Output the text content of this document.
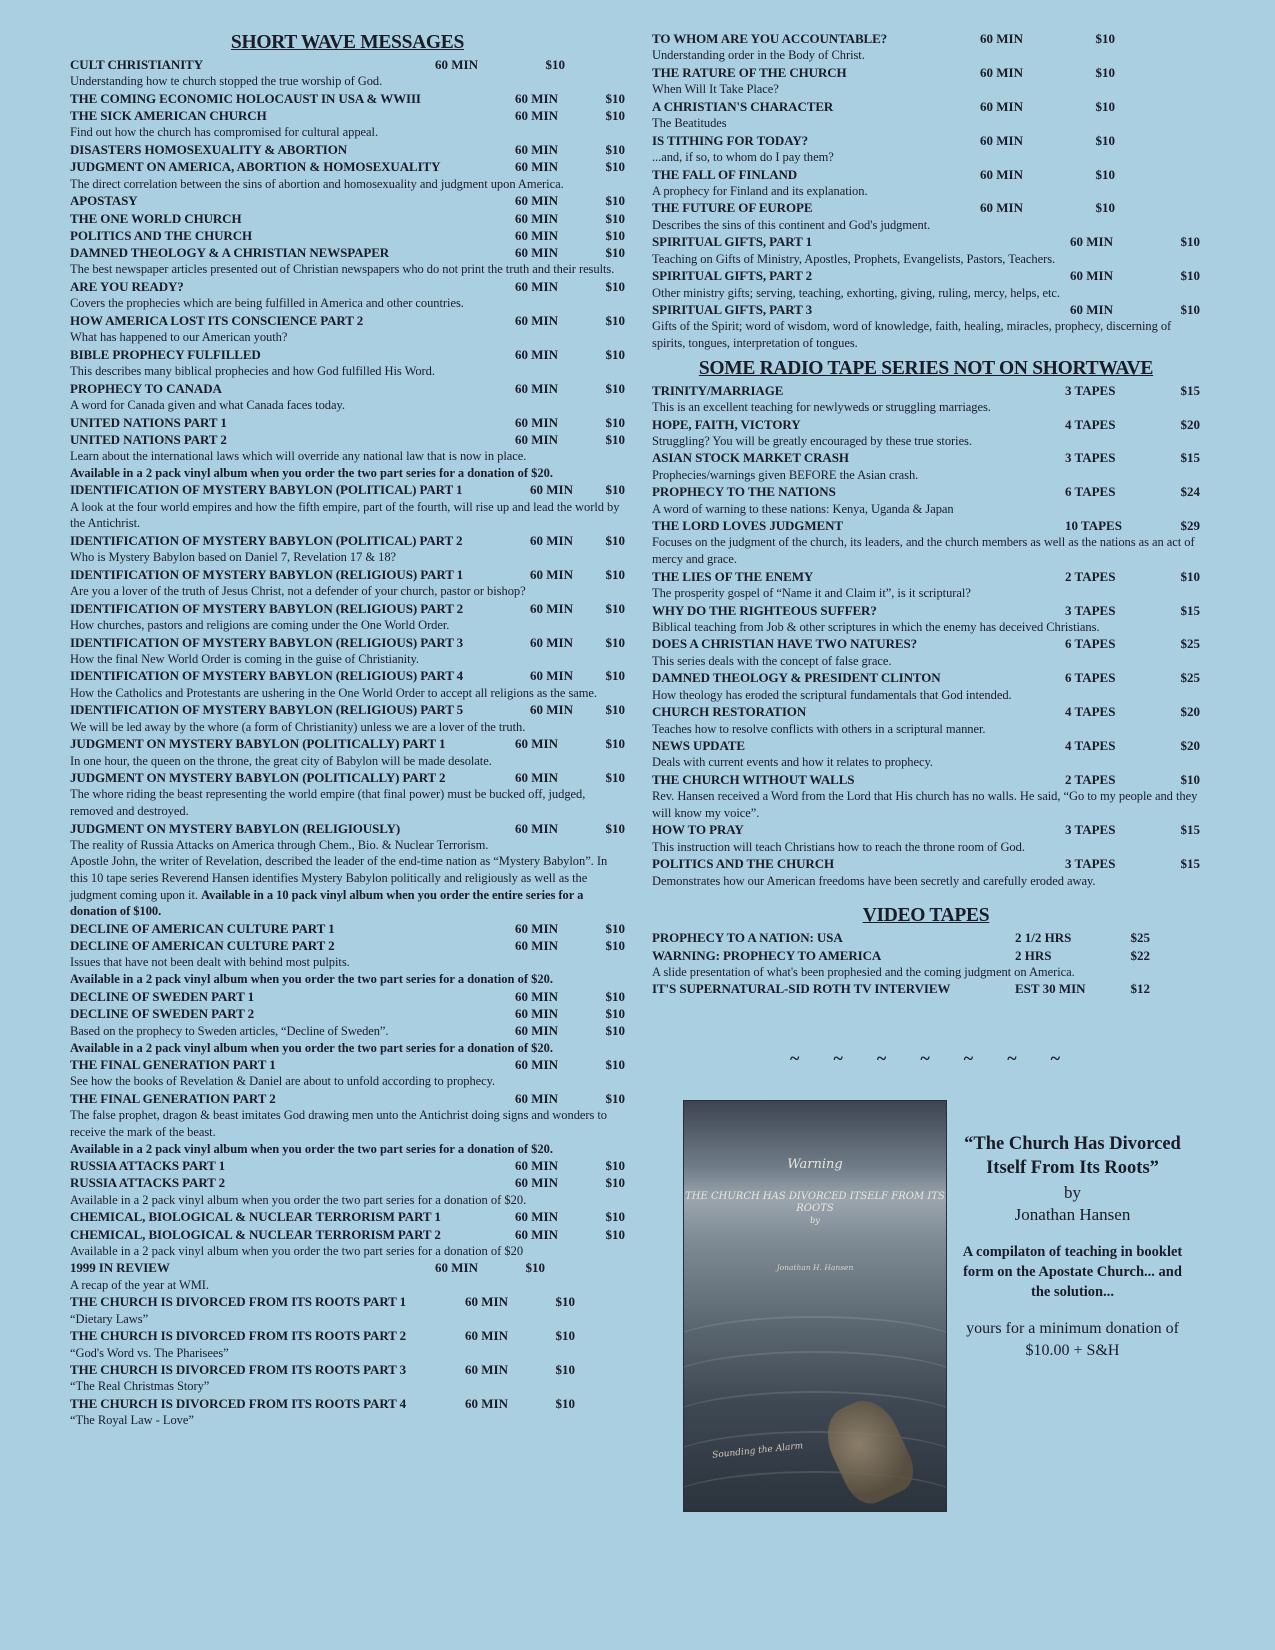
SHORT WAVE MESSAGES
CULT CHRISTIANITY	60 MIN	$10
Understanding how te church stopped the true worship of God.
THE COMING ECONOMIC HOLOCAUST IN USA & WWIII	60 MIN	$10
THE SICK AMERICAN CHURCH	60 MIN	$10
Find out how the church has compromised for cultural appeal.
DISASTERS HOMOSEXUALITY & ABORTION	60 MIN	$10
JUDGMENT ON AMERICA, ABORTION & HOMOSEXUALITY	60 MIN	$10
The direct correlation between the sins of abortion and homosexuality and judgment upon America.
APOSTASY	60 MIN	$10
THE ONE WORLD CHURCH	60 MIN	$10
POLITICS AND THE CHURCH	60 MIN	$10
DAMNED THEOLOGY & A CHRISTIAN NEWSPAPER	60 MIN	$10
The best newspaper articles presented out of Christian newspapers who do not print the truth and their results.
ARE YOU READY?	60 MIN	$10
Covers the prophecies which are being fulfilled in America and other countries.
HOW AMERICA LOST ITS CONSCIENCE PART 2	60 MIN	$10
What has happened to our American youth?
BIBLE PROPHECY FULFILLED	60 MIN	$10
This describes many biblical prophecies and how God fulfilled His Word.
PROPHECY TO CANADA	60 MIN	$10
A word for Canada given and what Canada faces today.
UNITED NATIONS PART 1	60 MIN	$10
UNITED NATIONS PART 2	60 MIN	$10
Learn about the international laws which will override any national law that is now in place.
Available in a 2 pack vinyl album when you order the two part series for a donation of $20.
IDENTIFICATION OF MYSTERY BABYLON (POLITICAL) PART 1	60 MIN	$10
A look at the four world empires and how the fifth empire, part of the fourth, will rise up and lead the world by the Antichrist.
IDENTIFICATION OF MYSTERY BABYLON (POLITICAL) PART 2	60 MIN	$10
Who is Mystery Babylon based on Daniel 7, Revelation 17 & 18?
IDENTIFICATION OF MYSTERY BABYLON (RELIGIOUS) PART 1	60 MIN	$10
Are you a lover of the truth of Jesus Christ, not a defender of your church, pastor or bishop?
IDENTIFICATION OF MYSTERY BABYLON (RELIGIOUS) PART 2	60 MIN	$10
How churches, pastors and religions are coming under the One World Order.
IDENTIFICATION OF MYSTERY BABYLON (RELIGIOUS) PART 3	60 MIN	$10
How the final New World Order is coming in the guise of Christianity.
IDENTIFICATION OF MYSTERY BABYLON (RELIGIOUS) PART 4	60 MIN	$10
How the Catholics and Protestants are ushering in the One World Order to accept all religions as the same.
IDENTIFICATION OF MYSTERY BABYLON (RELIGIOUS) PART 5	60 MIN	$10
We will be led away by the whore (a form of Christianity) unless we are a lover of the truth.
JUDGMENT ON MYSTERY BABYLON (POLITICALLY) PART 1	60 MIN	$10
In one hour, the queen on the throne, the great city of Babylon will be made desolate.
JUDGMENT ON MYSTERY BABYLON (POLITICALLY) PART 2	60 MIN	$10
The whore riding the beast representing the world empire (that final power) must be bucked off, judged, removed and destroyed.
JUDGMENT ON MYSTERY BABYLON (RELIGIOUSLY)	60 MIN	$10
The reality of Russia Attacks on America through Chem., Bio. & Nuclear Terrorism.
Apostle John, the writer of Revelation, described the leader of the end-time nation as “Mystery Babylon”. In this 10 tape series Reverend Hansen identifies Mystery Babylon politically and religiously as well as the judgment coming upon it. Available in a 10 pack vinyl album when you order the entire series for a donation of $100.
DECLINE OF AMERICAN CULTURE PART 1	60 MIN	$10
DECLINE OF AMERICAN CULTURE PART 2	60 MIN	$10
Issues that have not been dealt with behind most pulpits.
Available in a 2 pack vinyl album when you order the two part series for a donation of $20.
DECLINE OF SWEDEN PART 1	60 MIN	$10
DECLINE OF SWEDEN PART 2	60 MIN	$10
Based on the prophecy to Sweden articles, “Decline of Sweden”.	60 MIN	$10
Available in a 2 pack vinyl album when you order the two part series for a donation of $20.
THE FINAL GENERATION PART 1	60 MIN	$10
See how the books of Revelation & Daniel are about to unfold according to prophecy.
THE FINAL GENERATION PART 2	60 MIN	$10
The false prophet, dragon & beast imitates God drawing men unto the Antichrist doing signs and wonders to receive the mark of the beast.
Available in a 2 pack vinyl album when you order the two part series for a donation of $20.
RUSSIA ATTACKS PART 1	60 MIN	$10
RUSSIA ATTACKS PART 2	60 MIN	$10
Available in a 2 pack vinyl album when you order the two part series for a donation of $20.
CHEMICAL, BIOLOGICAL & NUCLEAR TERRORISM PART 1	60 MIN	$10
CHEMICAL, BIOLOGICAL & NUCLEAR TERRORISM PART 2	60 MIN	$10
Available in a 2 pack vinyl album when you order the two part series for a donation of $20
1999 IN REVIEW	60 MIN	$10
A recap of the year at WMI.
THE CHURCH IS DIVORCED FROM ITS ROOTS PART 1	60 MIN	$10
“Dietary Laws”
THE CHURCH IS DIVORCED FROM ITS ROOTS PART 2	60 MIN	$10
“God's Word vs. The Pharisees”
THE CHURCH IS DIVORCED FROM ITS ROOTS PART 3	60 MIN	$10
“The Real Christmas Story”
THE CHURCH IS DIVORCED FROM ITS ROOTS PART 4	60 MIN	$10
“The Royal Law - Love”
TO WHOM ARE YOU ACCOUNTABLE?	60 MIN	$10
Understanding order in the Body of Christ.
THE RATURE OF THE CHURCH	60 MIN	$10
When Will It Take Place?
A CHRISTIAN'S CHARACTER	60 MIN	$10
The Beatitudes
IS TITHING FOR TODAY?	60 MIN	$10
...and, if so, to whom do I pay them?
THE FALL OF FINLAND	60 MIN	$10
A prophecy for Finland and its explanation.
THE FUTURE OF EUROPE	60 MIN	$10
Describes the sins of this continent and God's judgment.
SPIRITUAL GIFTS, PART 1	60 MIN	$10
Teaching on Gifts of Ministry, Apostles, Prophets, Evangelists, Pastors, Teachers.
SPIRITUAL GIFTS, PART 2	60 MIN	$10
Other ministry gifts; serving, teaching, exhorting, giving, ruling, mercy, helps, etc.
SPIRITUAL GIFTS, PART 3	60 MIN	$10
Gifts of the Spirit; word of wisdom, word of knowledge, faith, healing, miracles, prophecy, discerning of spirits, tongues, interpretation of tongues.
SOME RADIO TAPE SERIES NOT ON SHORTWAVE
TRINITY/MARRIAGE	3 TAPES	$15
This is an excellent teaching for newlyweds or struggling marriages.
HOPE, FAITH, VICTORY	4 TAPES	$20
Struggling? You will be greatly encouraged by these true stories.
ASIAN STOCK MARKET CRASH	3 TAPES	$15
Prophecies/warnings given BEFORE the Asian crash.
PROPHECY TO THE NATIONS	6 TAPES	$24
A word of warning to these nations: Kenya, Uganda & Japan
THE LORD LOVES JUDGMENT	10 TAPES	$29
Focuses on the judgment of the church, its leaders, and the church members as well as the nations as an act of mercy and grace.
THE LIES OF THE ENEMY	2 TAPES	$10
The prosperity gospel of “Name it and Claim it”, is it scriptural?
WHY DO THE RIGHTEOUS SUFFER?	3 TAPES	$15
Biblical teaching from Job & other scriptures in which the enemy has deceived Christians.
DOES A CHRISTIAN HAVE TWO NATURES?	6 TAPES	$25
This series deals with the concept of false grace.
DAMNED THEOLOGY & PRESIDENT CLINTON	6 TAPES	$25
How theology has eroded the scriptural fundamentals that God intended.
CHURCH RESTORATION	4 TAPES	$20
Teaches how to resolve conflicts with others in a scriptural manner.
NEWS UPDATE	4 TAPES	$20
Deals with current events and how it relates to prophecy.
THE CHURCH WITHOUT WALLS	2 TAPES	$10
Rev. Hansen received a Word from the Lord that His church has no walls. He said, “Go to my people and they will know my voice”.
HOW TO PRAY	3 TAPES	$15
This instruction will teach Christians how to reach the throne room of God.
POLITICS AND THE CHURCH	3 TAPES	$15
Demonstrates how our American freedoms have been secretly and carefully eroded away.
VIDEO TAPES
PROPHECY TO A NATION: USA	2 1/2 HRS	$25
WARNING: PROPHECY TO AMERICA	2 HRS	$22
A slide presentation of what's been prophesied and the coming judgment on America.
IT'S SUPERNATURAL-SID ROTH TV INTERVIEW	EST 30 MIN	$12
~ ~ ~ ~ ~ ~ ~
Warning
THE CHURCH HAS DIVORCED ITSELF FROM ITS ROOTS
by
Jonathan H. Hansen
Sounding the Alarm
“The Church Has Divorced Itself From Its Roots”
by
Jonathan Hansen
A compilaton of teaching in booklet form on the Apostate Church... and the solution...
yours for a minimum donation of $10.00 + S&H
